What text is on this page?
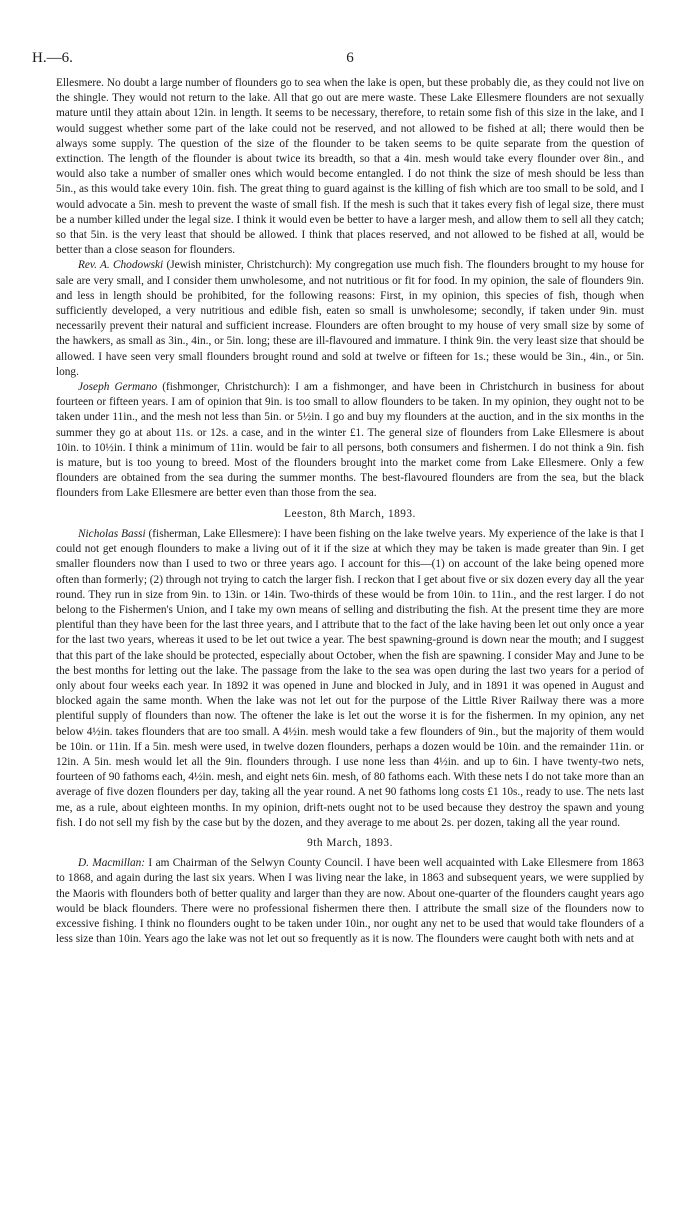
H.—6.	6

Ellesmere. No doubt a large number of flounders go to sea when the lake is open, but these probably die, as they could not live on the shingle. They would not return to the lake. All that go out are mere waste. These Lake Ellesmere flounders are not sexually mature until they attain about 12in. in length. It seems to be necessary, therefore, to retain some fish of this size in the lake, and I would suggest whether some part of the lake could not be reserved, and not allowed to be fished at all; there would then be always some supply. The question of the size of the flounder to be taken seems to be quite separate from the question of extinction. The length of the flounder is about twice its breadth, so that a 4in. mesh would take every flounder over 8in., and would also take a number of smaller ones which would become entangled. I do not think the size of mesh should be less than 5in., as this would take every 10in. fish. The great thing to guard against is the killing of fish which are too small to be sold, and I would advocate a 5in. mesh to prevent the waste of small fish. If the mesh is such that it takes every fish of legal size, there must be a number killed under the legal size. I think it would even be better to have a larger mesh, and allow them to sell all they catch; so that 5in. is the very least that should be allowed. I think that places reserved, and not allowed to be fished at all, would be better than a close season for flounders.

Rev. A. Chodowski (Jewish minister, Christchurch): My congregation use much fish. The flounders brought to my house for sale are very small, and I consider them unwholesome, and not nutritious or fit for food. In my opinion, the sale of flounders 9in. and less in length should be prohibited, for the following reasons: First, in my opinion, this species of fish, though when sufficiently developed, a very nutritious and edible fish, eaten so small is unwholesome; secondly, if taken under 9in. must necessarily prevent their natural and sufficient increase. Flounders are often brought to my house of very small size by some of the hawkers, as small as 3in., 4in., or 5in. long; these are ill-flavoured and immature. I think 9in. the very least size that should be allowed. I have seen very small flounders brought round and sold at twelve or fifteen for 1s.; these would be 3in., 4in., or 5in. long.

Joseph Germano (fishmonger, Christchurch): I am a fishmonger, and have been in Christchurch in business for about fourteen or fifteen years. I am of opinion that 9in. is too small to allow flounders to be taken. In my opinion, they ought not to be taken under 11in., and the mesh not less than 5in. or 5½in. I go and buy my flounders at the auction, and in the six months in the summer they go at about 11s. or 12s. a case, and in the winter £1. The general size of flounders from Lake Ellesmere is about 10in. to 10½in. I think a minimum of 11in. would be fair to all persons, both consumers and fishermen. I do not think a 9in. fish is mature, but is too young to breed. Most of the flounders brought into the market come from Lake Ellesmere. Only a few flounders are obtained from the sea during the summer months. The best-flavoured flounders are from the sea, but the black flounders from Lake Ellesmere are better even than those from the sea.

Leeston, 8th March, 1893.

Nicholas Bassi (fisherman, Lake Ellesmere): I have been fishing on the lake twelve years. My experience of the lake is that I could not get enough flounders to make a living out of it if the size at which they may be taken is made greater than 9in. I get smaller flounders now than I used to two or three years ago. I account for this—(1) on account of the lake being opened more often than formerly; (2) through not trying to catch the larger fish. I reckon that I get about five or six dozen every day all the year round. They run in size from 9in. to 13in. or 14in. Two-thirds of these would be from 10in. to 11in., and the rest larger. I do not belong to the Fishermen's Union, and I take my own means of selling and distributing the fish. At the present time they are more plentiful than they have been for the last three years, and I attribute that to the fact of the lake having been let out only once a year for the last two years, whereas it used to be let out twice a year. The best spawning-ground is down near the mouth; and I suggest that this part of the lake should be protected, especially about October, when the fish are spawning. I consider May and June to be the best months for letting out the lake. The passage from the lake to the sea was open during the last two years for a period of only about four weeks each year. In 1892 it was opened in June and blocked in July, and in 1891 it was opened in August and blocked again the same month. When the lake was not let out for the purpose of the Little River Railway there was a more plentiful supply of flounders than now. The oftener the lake is let out the worse it is for the fishermen. In my opinion, any net below 4½in. takes flounders that are too small. A 4½in. mesh would take a few flounders of 9in., but the majority of them would be 10in. or 11in. If a 5in. mesh were used, in twelve dozen flounders, perhaps a dozen would be 10in. and the remainder 11in. or 12in. A 5in. mesh would let all the 9in. flounders through. I use none less than 4½in. and up to 6in. I have twenty-two nets, fourteen of 90 fathoms each, 4½in. mesh, and eight nets 6in. mesh, of 80 fathoms each. With these nets I do not take more than an average of five dozen flounders per day, taking all the year round. A net 90 fathoms long costs £1 10s., ready to use. The nets last me, as a rule, about eighteen months. In my opinion, drift-nets ought not to be used because they destroy the spawn and young fish. I do not sell my fish by the case but by the dozen, and they average to me about 2s. per dozen, taking all the year round.

9th March, 1893.

D. Macmillan: I am Chairman of the Selwyn County Council. I have been well acquainted with Lake Ellesmere from 1863 to 1868, and again during the last six years. When I was living near the lake, in 1863 and subsequent years, we were supplied by the Maoris with flounders both of better quality and larger than they are now. About one-quarter of the flounders caught years ago would be black flounders. There were no professional fishermen there then. I attribute the small size of the flounders now to excessive fishing. I think no flounders ought to be taken under 10in., nor ought any net to be used that would take flounders of a less size than 10in. Years ago the lake was not let out so frequently as it is now. The flounders were caught both with nets and at
